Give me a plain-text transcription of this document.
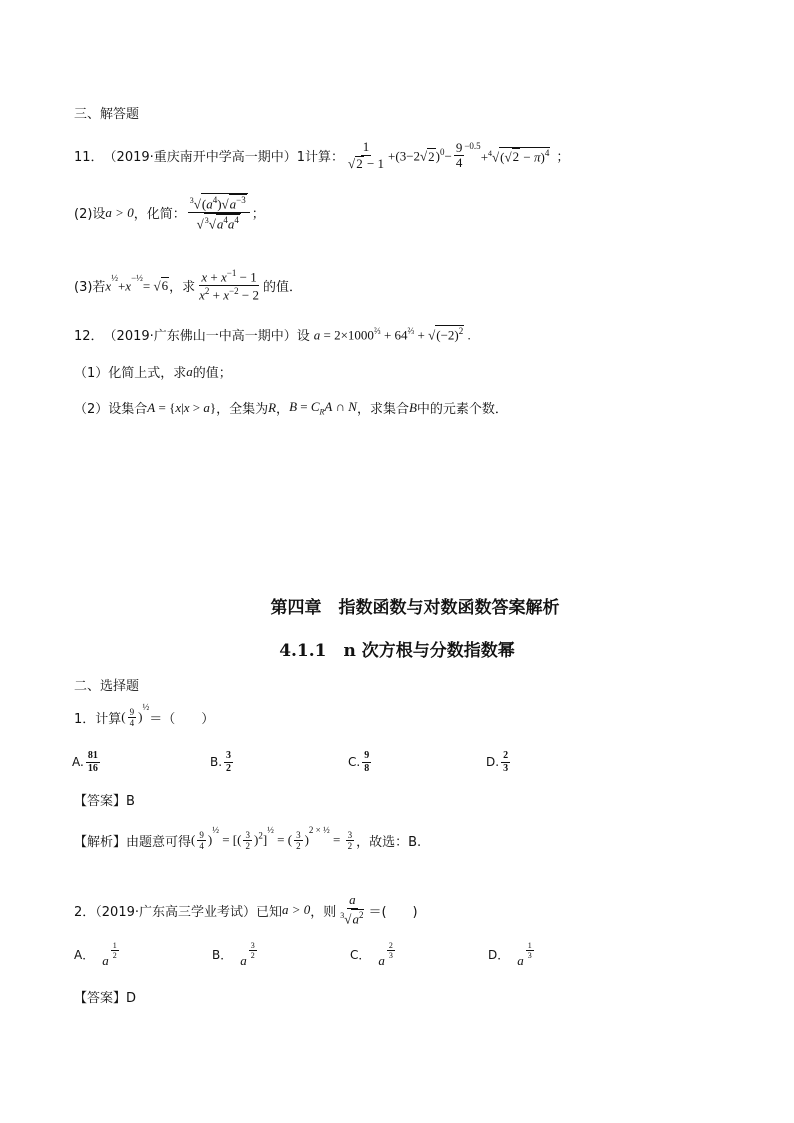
三、解答题
11． （2019·重庆南开中学高一期中） 1计算： $\frac{1}{√2 - 1} +(3-2√2)^0- \frac{9}{4} -0.5$
$+^4√(√2 - \pi)^4$ ；
(2)设 a > 0 ，化简： $\frac{^3√(a^4)√a^{-3}}{√^3√a^4a^4}$ ；
(3)若 $x^{\frac{1}{2}}+x^{-\frac{1}{2}}= √6$ ，求 $\frac{x + x^{-1} - 1}{x^2 + x^{-2} - 2}$ 的值．
12． （2019·广东佛山一中高一期中）设 $a = 2\times 1000^{\frac{2}{3}} + 64^{\frac{2}{3}} + √(-2)^2$ .
（1）化简上式，求 a 的值；
（2）设集合 A = {x|x > a} ，全集为 R ， $B = C_RA$ ∩ N ，求集合 B 中的元素个数．
第四章　指数函数与对数函数答案解析
4.1.1　n 次方根与分数指数幂
二、选择题
1．计算 ( $\frac{9}{4} )^{\frac{1}{2}}$
＝（　　）
A. $\frac{81}{16}$	B. $\frac{3}{2}$	C. $\frac{9}{8}$	D. $\frac{2}{3}$
【答案】B
【解析】 由题意可得 ( $\frac{9}{4} )^{\frac{1}{2}}$ = [( $\frac{3}{2} )^2]^{\frac{1}{2}}$ = ( $\frac{3}{2} )^{2 \times \frac{1}{2}} = \frac{3}{2}$ ，故选：B.
2．（2019·广东高三学业考试）已知 a > 0 ，则 $\frac{a}{^3√a^2}$ ＝(　　)
A． a $\frac{1}{2}$	B． a $\frac{3}{2}$	C． a $\frac{2}{3}$	D． a $\frac{1}{3}$
【答案】D
